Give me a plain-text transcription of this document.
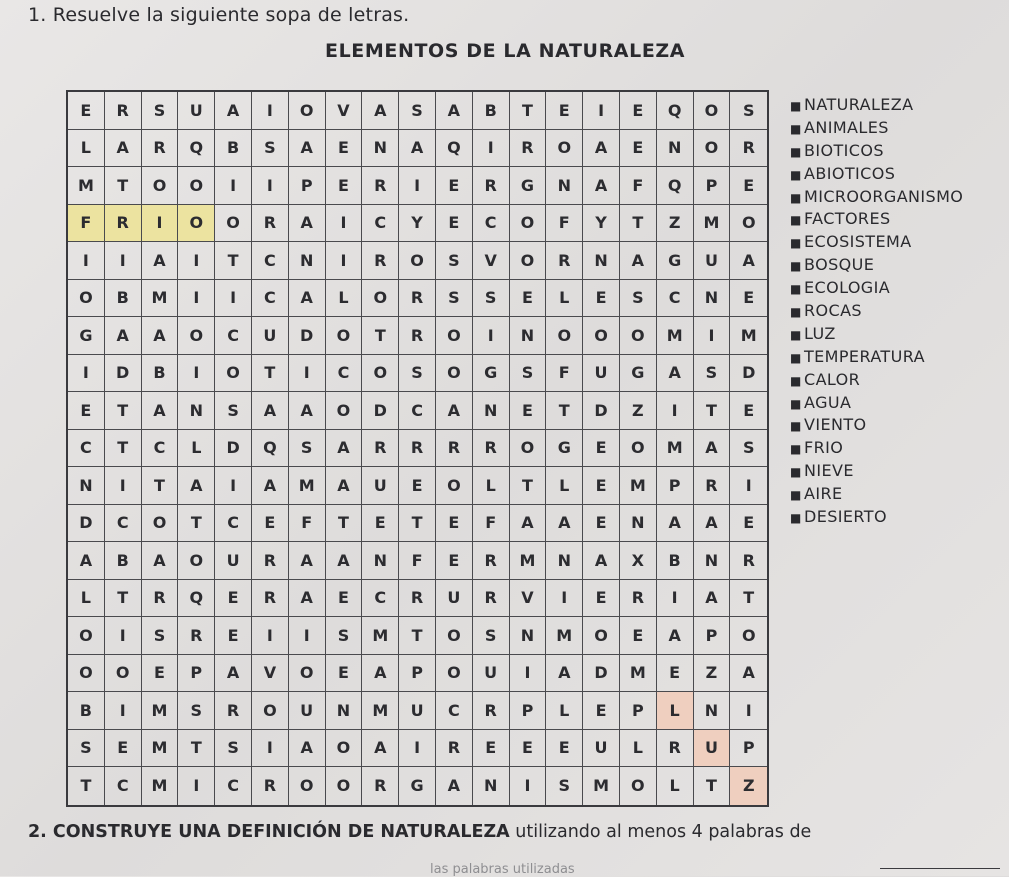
1. Resuelve la siguiente sopa de letras.
ELEMENTOS DE LA NATURALEZA
E	R	S	U	A	I	O	V	A	S	A	B	T	E	I	E	Q	O	S
L	A	R	Q	B	S	A	E	N	A	Q	I	R	O	A	E	N	O	R
M	T	O	O	I	I	P	E	R	I	E	R	G	N	A	F	Q	P	E
F	R	I	O	O	R	A	I	C	Y	E	C	O	F	Y	T	Z	M	O
I	I	A	I	T	C	N	I	R	O	S	V	O	R	N	A	G	U	A
O	B	M	I	I	C	A	L	O	R	S	S	E	L	E	S	C	N	E
G	A	A	O	C	U	D	O	T	R	O	I	N	O	O	O	M	I	M
I	D	B	I	O	T	I	C	O	S	O	G	S	F	U	G	A	S	D
E	T	A	N	S	A	A	O	D	C	A	N	E	T	D	Z	I	T	E
C	T	C	L	D	Q	S	A	R	R	R	R	O	G	E	O	M	A	S
N	I	T	A	I	A	M	A	U	E	O	L	T	L	E	M	P	R	I
D	C	O	T	C	E	F	T	E	T	E	F	A	A	E	N	A	A	E
A	B	A	O	U	R	A	A	N	F	E	R	M	N	A	X	B	N	R
L	T	R	Q	E	R	A	E	C	R	U	R	V	I	E	R	I	A	T
O	I	S	R	E	I	I	S	M	T	O	S	N	M	O	E	A	P	O
O	O	E	P	A	V	O	E	A	P	O	U	I	A	D	M	E	Z	A
B	I	M	S	R	O	U	N	M	U	C	R	P	L	E	P	L	N	I
S	E	M	T	S	I	A	O	A	I	R	E	E	E	U	L	R	U	P
T	C	M	I	C	R	O	O	R	G	A	N	I	S	M	O	L	T	Z
■ NATURALEZA
■ ANIMALES
■ BIOTICOS
■ ABIOTICOS
■ MICROORGANISMO
■ FACTORES
■ ECOSISTEMA
■ BOSQUE
■ ECOLOGIA
■ ROCAS
■ LUZ
■ TEMPERATURA
■ CALOR
■ AGUA
■ VIENTO
■ FRIO
■ NIEVE
■ AIRE
■ DESIERTO
2. CONSTRUYE UNA DEFINICIÓN DE NATURALEZA utilizando al menos 4 palabras de
las palabras utilizadas
